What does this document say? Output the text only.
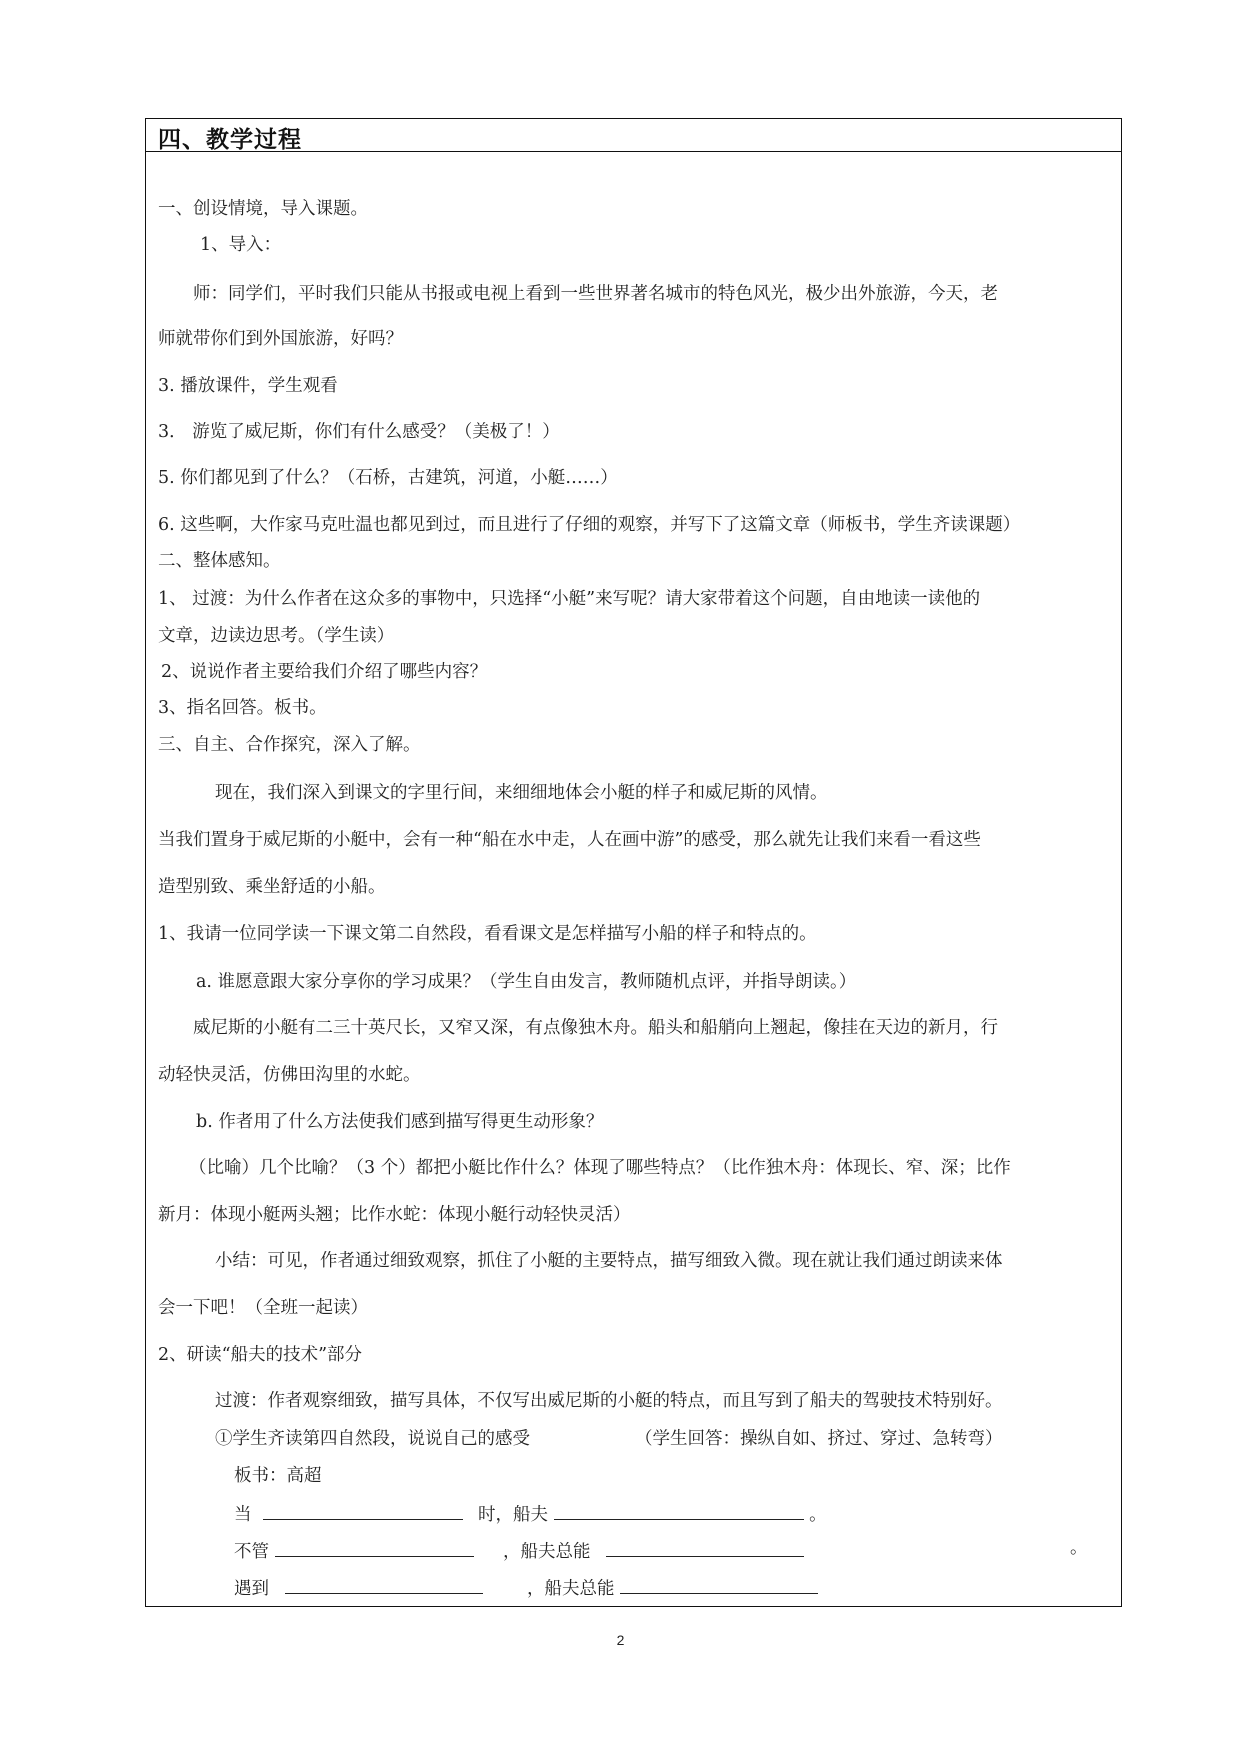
四、教学过程
一、创设情境，导入课题。
1、导入：
师：同学们，平时我们只能从书报或电视上看到一些世界著名城市的特色风光，极少出外旅游，今天，老
师就带你们到外国旅游，好吗？
3. 播放课件，学生观看
3． 游览了威尼斯，你们有什么感受？（美极了！）
5. 你们都见到了什么？（石桥，古建筑，河道，小艇……）
6. 这些啊，大作家马克吐温也都见到过，而且进行了仔细的观察，并写下了这篇文章（师板书，学生齐读课题）
二、整体感知。
1、 过渡：为什么作者在这众多的事物中，只选择“小艇”来写呢？请大家带着这个问题，自由地读一读他的
文章，边读边思考。（学生读）
2、说说作者主要给我们介绍了哪些内容？
3、指名回答。板书。
三、自主、合作探究，深入了解。
现在，我们深入到课文的字里行间，来细细地体会小艇的样子和威尼斯的风情。
当我们置身于威尼斯的小艇中，会有一种“船在水中走，人在画中游”的感受，那么就先让我们来看一看这些
造型别致、乘坐舒适的小船。
1、我请一位同学读一下课文第二自然段，看看课文是怎样描写小船的样子和特点的。
a. 谁愿意跟大家分享你的学习成果？（学生自由发言，教师随机点评，并指导朗读。）
威尼斯的小艇有二三十英尺长，又窄又深，有点像独木舟。船头和船艄向上翘起，像挂在天边的新月，行
动轻快灵活，仿佛田沟里的水蛇。
b. 作者用了什么方法使我们感到描写得更生动形象？
（比喻）几个比喻？（3 个）都把小艇比作什么？体现了哪些特点？（比作独木舟：体现长、窄、深；比作
新月：体现小艇两头翘；比作水蛇：体现小艇行动轻快灵活）
小结：可见，作者通过细致观察，抓住了小艇的主要特点，描写细致入微。现在就让我们通过朗读来体
会一下吧！（全班一起读）
2、研读“船夫的技术”部分
过渡：作者观察细致，描写具体，不仅写出威尼斯的小艇的特点，而且写到了船夫的驾驶技术特别好。
①学生齐读第四自然段，说说自己的感受	（学生回答：操纵自如、挤过、穿过、急转弯）
板书：高超
当	时，船夫	。
不管	，船夫总能	。
遇到	，船夫总能
2
